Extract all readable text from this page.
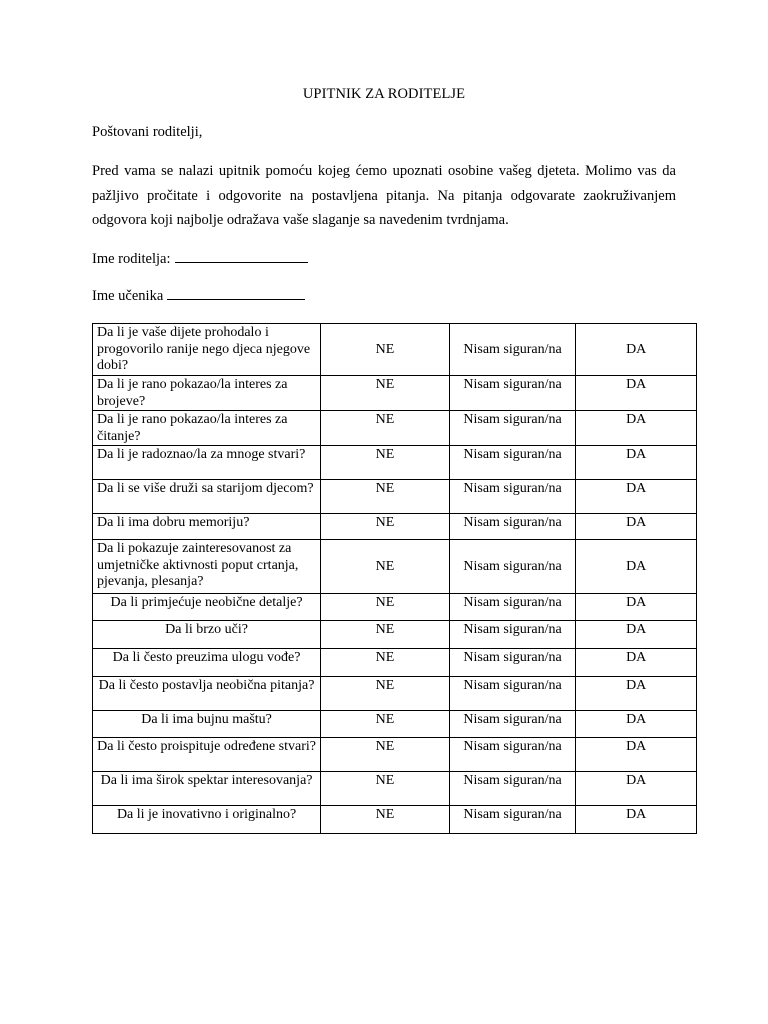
UPITNIK ZA RODITELJE
Poštovani roditelji,
Pred vama se nalazi upitnik pomoću kojeg ćemo upoznati osobine vašeg djeteta. Molimo vas da pažljivo pročitate i odgovorite na postavljena pitanja. Na pitanja odgovarate zaokruživanjem odgovora koji najbolje odražava vaše slaganje sa navedenim tvrdnjama.
Ime roditelja:
Ime učenika
Da li je vaše dijete prohodalo i progovorilo ranije nego djeca njegove dobi?	NE	Nisam siguran/na	DA
Da li je rano pokazao/la interes za brojeve?	NE	Nisam siguran/na	DA
Da li je rano pokazao/la interes za čitanje?	NE	Nisam siguran/na	DA
Da li je radoznao/la za mnoge stvari?	NE	Nisam siguran/na	DA
Da li se više druži sa starijom djecom?	NE	Nisam siguran/na	DA
Da li ima dobru memoriju?	NE	Nisam siguran/na	DA
Da li pokazuje zainteresovanost za umjetničke aktivnosti poput crtanja, pjevanja, plesanja?	NE	Nisam siguran/na	DA
Da li primjećuje neobične detalje?	NE	Nisam siguran/na	DA
Da li brzo uči?	NE	Nisam siguran/na	DA
Da li često preuzima ulogu vođe?	NE	Nisam siguran/na	DA
Da li često postavlja neobična pitanja?	NE	Nisam siguran/na	DA
Da li ima bujnu maštu?	NE	Nisam siguran/na	DA
Da li često proispituje određene stvari?	NE	Nisam siguran/na	DA
Da li ima širok spektar interesovanja?	NE	Nisam siguran/na	DA
Da li je inovativno i originalno?	NE	Nisam siguran/na	DA
